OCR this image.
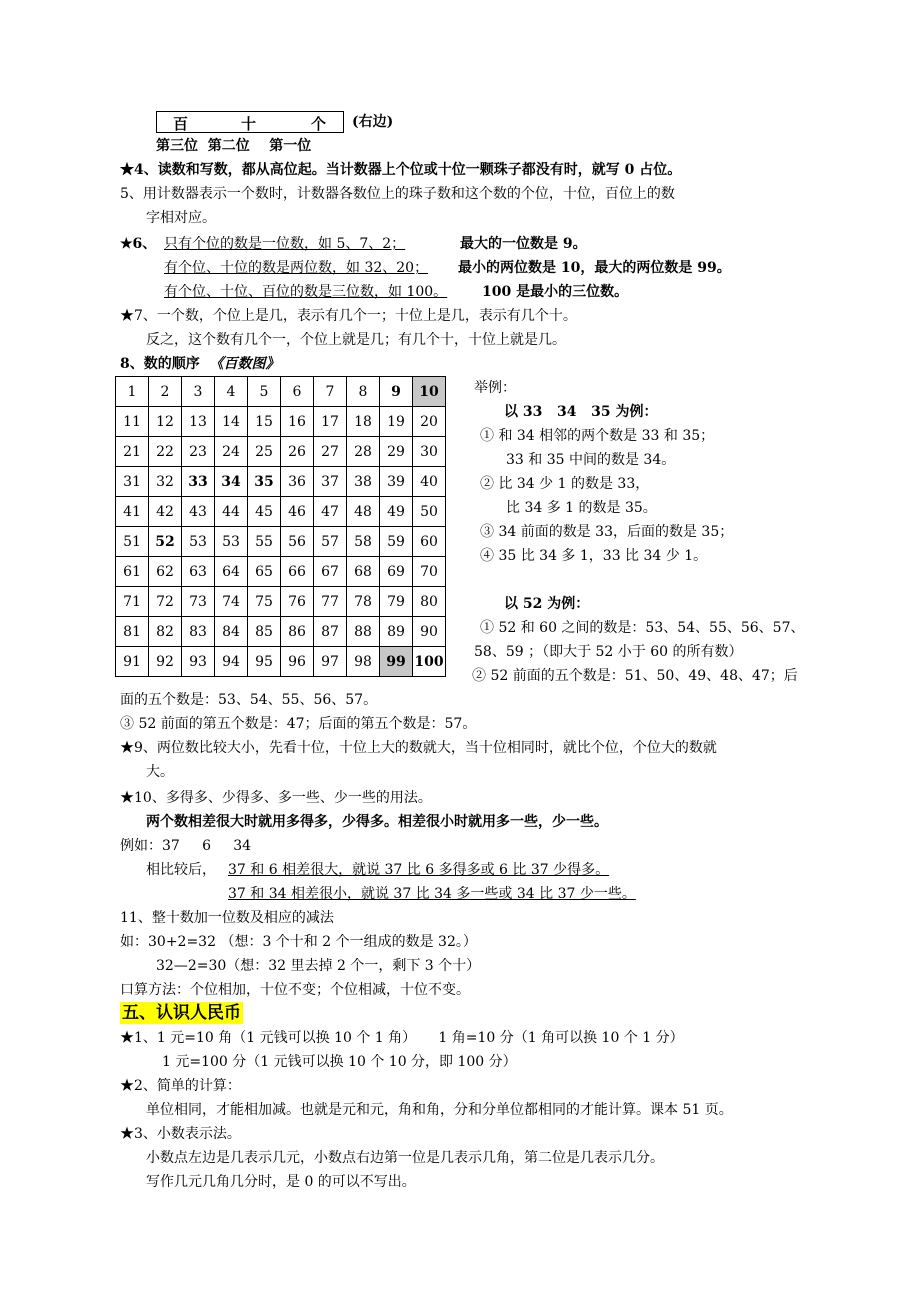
百	十	个 (右边)
第三位  第二位    第一位
★4、读数和写数，都从高位起。当计数器上个位或十位一颗珠子都没有时，就写 0 占位。
5、用计数器表示一个数时，计数器各数位上的珠子数和这个数的个位，十位，百位上的数
字相对应。
★6、 只有个位的数是一位数，如 5、7、2；	最大的一位数是 9。
有个位、十位的数是两位数，如 32、20； 最小的两位数是 10，最大的两位数是 99。
有个位、十位、百位的数是三位数，如 100。 100 是最小的三位数。
★7、一个数，个位上是几，表示有几个一；十位上是几，表示有几个十。
反之，这个数有几个一，个位上就是几；有几个十，十位上就是几。
8、数的顺序  《百数图》
1	2	3	4	5	6	7	8	9	10
11	12	13	14	15	16	17	18	19	20
21	22	23	24	25	26	27	28	29	30
31	32	33	34	35	36	37	38	39	40
41	42	43	44	45	46	47	48	49	50
51	52	53	53	55	56	57	58	59	60
61	62	63	64	65	66	67	68	69	70
71	72	73	74	75	76	77	78	79	80
81	82	83	84	85	86	87	88	89	90
91	92	93	94	95	96	97	98	99	100
举例：
以 33   34   35 为例：
① 和 34 相邻的两个数是 33 和 35；
33 和 35 中间的数是 34。
② 比 34 少 1 的数是 33，
比 34 多 1 的数是 35。
③ 34 前面的数是 33，后面的数是 35；
④ 35 比 34 多 1，33 比 34 少 1。
以 52 为例：
① 52 和 60 之间的数是：53、54、55、56、57、
58、59 ；（即大于 52 小于 60 的所有数）
② 52 前面的五个数是：51、50、49、48、47；后
面的五个数是：53、54、55、56、57。
③ 52 前面的第五个数是：47；后面的第五个数是：57。
★9、两位数比较大小，先看十位，十位上大的数就大，当十位相同时，就比个位，个位大的数就
大。
★10、多得多、少得多、多一些、少一些的用法。
两个数相差很大时就用多得多，少得多。相差很小时就用多一些，少一些。
例如：37     6     34
相比较后， 37 和 6 相差很大，就说 37 比 6 多得多或 6 比 37 少得多。
37 和 34 相差很小，就说 37 比 34 多一些或 34 比 37 少一些。
11、整十数加一位数及相应的减法
如：30+2=32 （想：3 个十和 2 个一组成的数是 32。）
32—2=30（想：32 里去掉 2 个一，剩下 3 个十）
口算方法：个位相加，十位不变；个位相减，十位不变。
五、认识人民币
★1、1 元=10 角（1 元钱可以换 10 个 1 角）     1 角=10 分（1 角可以换 10 个 1 分）
1 元=100 分（1 元钱可以换 10 个 10 分，即 100 分）
★2、简单的计算：
单位相同，才能相加减。也就是元和元，角和角，分和分单位都相同的才能计算。课本 51 页。
★3、小数表示法。
小数点左边是几表示几元，小数点右边第一位是几表示几角，第二位是几表示几分。
写作几元几角几分时，是 0 的可以不写出。
